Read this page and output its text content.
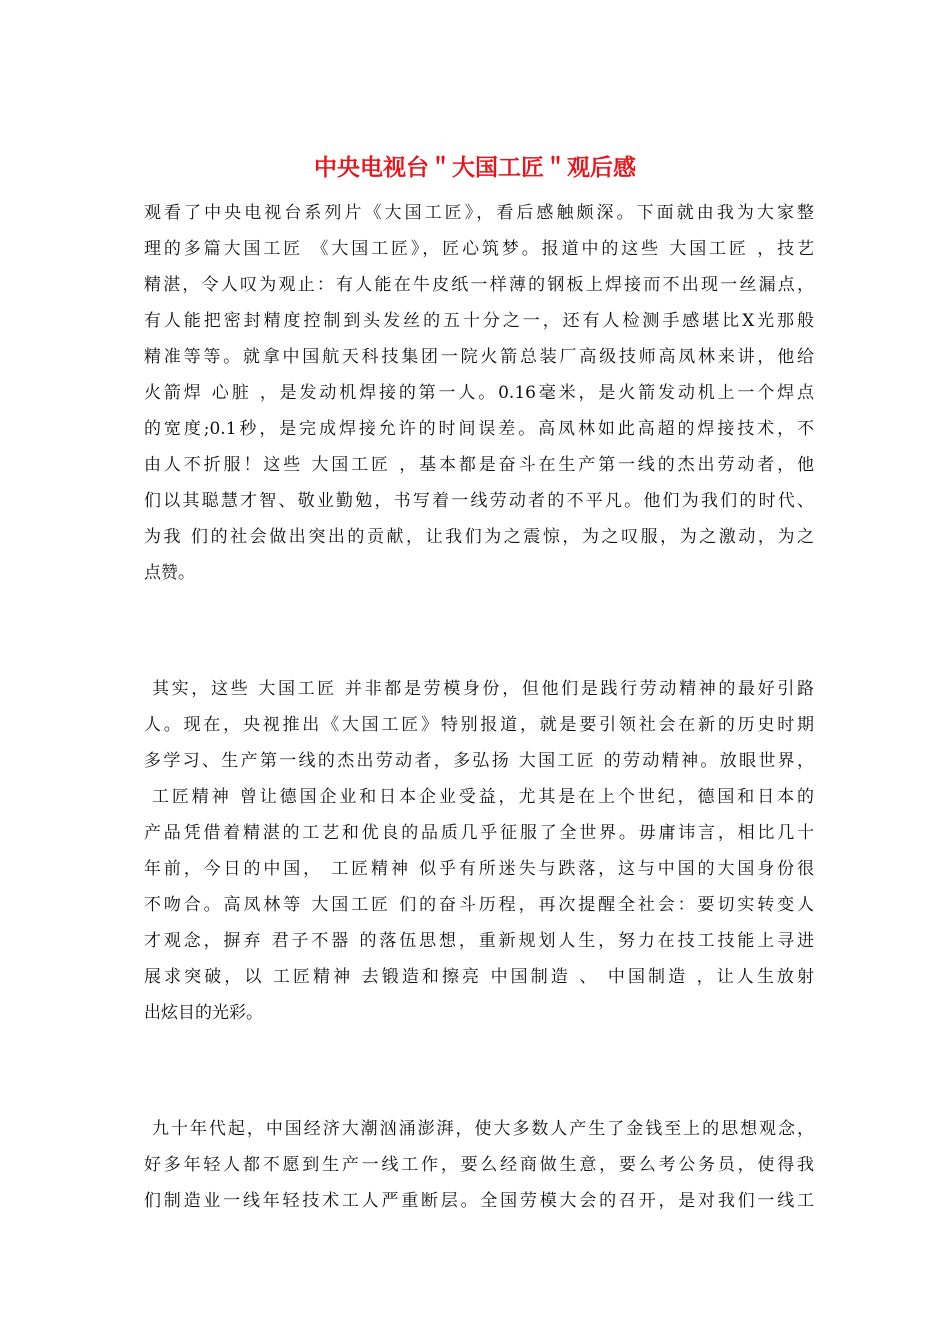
中央电视台＂大国工匠＂观后感
观看了中央电视台系列片《大国工匠》，看后感触颇深。下面就由我为大家整
理的多篇大国工匠 《大国工匠》，匠心筑梦。报道中的这些 大国工匠 ，技艺
精湛，令人叹为观止：有人能在牛皮纸一样薄的钢板上焊接而不出现一丝漏点，
有人能把密封精度控制到头发丝的五十分之一，还有人检测手感堪比X光那般
精准等等。就拿中国航天科技集团一院火箭总装厂高级技师高凤林来讲，他给
火箭焊 心脏 ，是发动机焊接的第一人。0.16毫米，是火箭发动机上一个焊点
的宽度;0.1秒，是完成焊接允许的时间误差。高凤林如此高超的焊接技术，不
由人不折服！这些 大国工匠 ，基本都是奋斗在生产第一线的杰出劳动者，他
们以其聪慧才智、敬业勤勉，书写着一线劳动者的不平凡。他们为我们的时代、
为我 们的社会做出突出的贡献，让我们为之震惊，为之叹服，为之激动，为之
点赞。
其实，这些 大国工匠 并非都是劳模身份，但他们是践行劳动精神的最好引路
人。现在，央视推出《大国工匠》特别报道，就是要引领社会在新的历史时期
多学习、生产第一线的杰出劳动者，多弘扬 大国工匠 的劳动精神。放眼世界，
工匠精神 曾让德国企业和日本企业受益，尤其是在上个世纪，德国和日本的
产品凭借着精湛的工艺和优良的品质几乎征服了全世界。毋庸讳言，相比几十
年前，今日的中国， 工匠精神 似乎有所迷失与跌落，这与中国的大国身份很
不吻合。高凤林等 大国工匠 们的奋斗历程，再次提醒全社会：要切实转变人
才观念，摒弃 君子不器 的落伍思想，重新规划人生，努力在技工技能上寻进
展求突破，以 工匠精神 去锻造和擦亮 中国制造 、 中国制造 ，让人生放射
出炫目的光彩。
九十年代起，中国经济大潮汹涌澎湃，使大多数人产生了金钱至上的思想观念，
好多年轻人都不愿到生产一线工作，要么经商做生意，要么考公务员，使得我
们制造业一线年轻技术工人严重断层。全国劳模大会的召开，是对我们一线工
